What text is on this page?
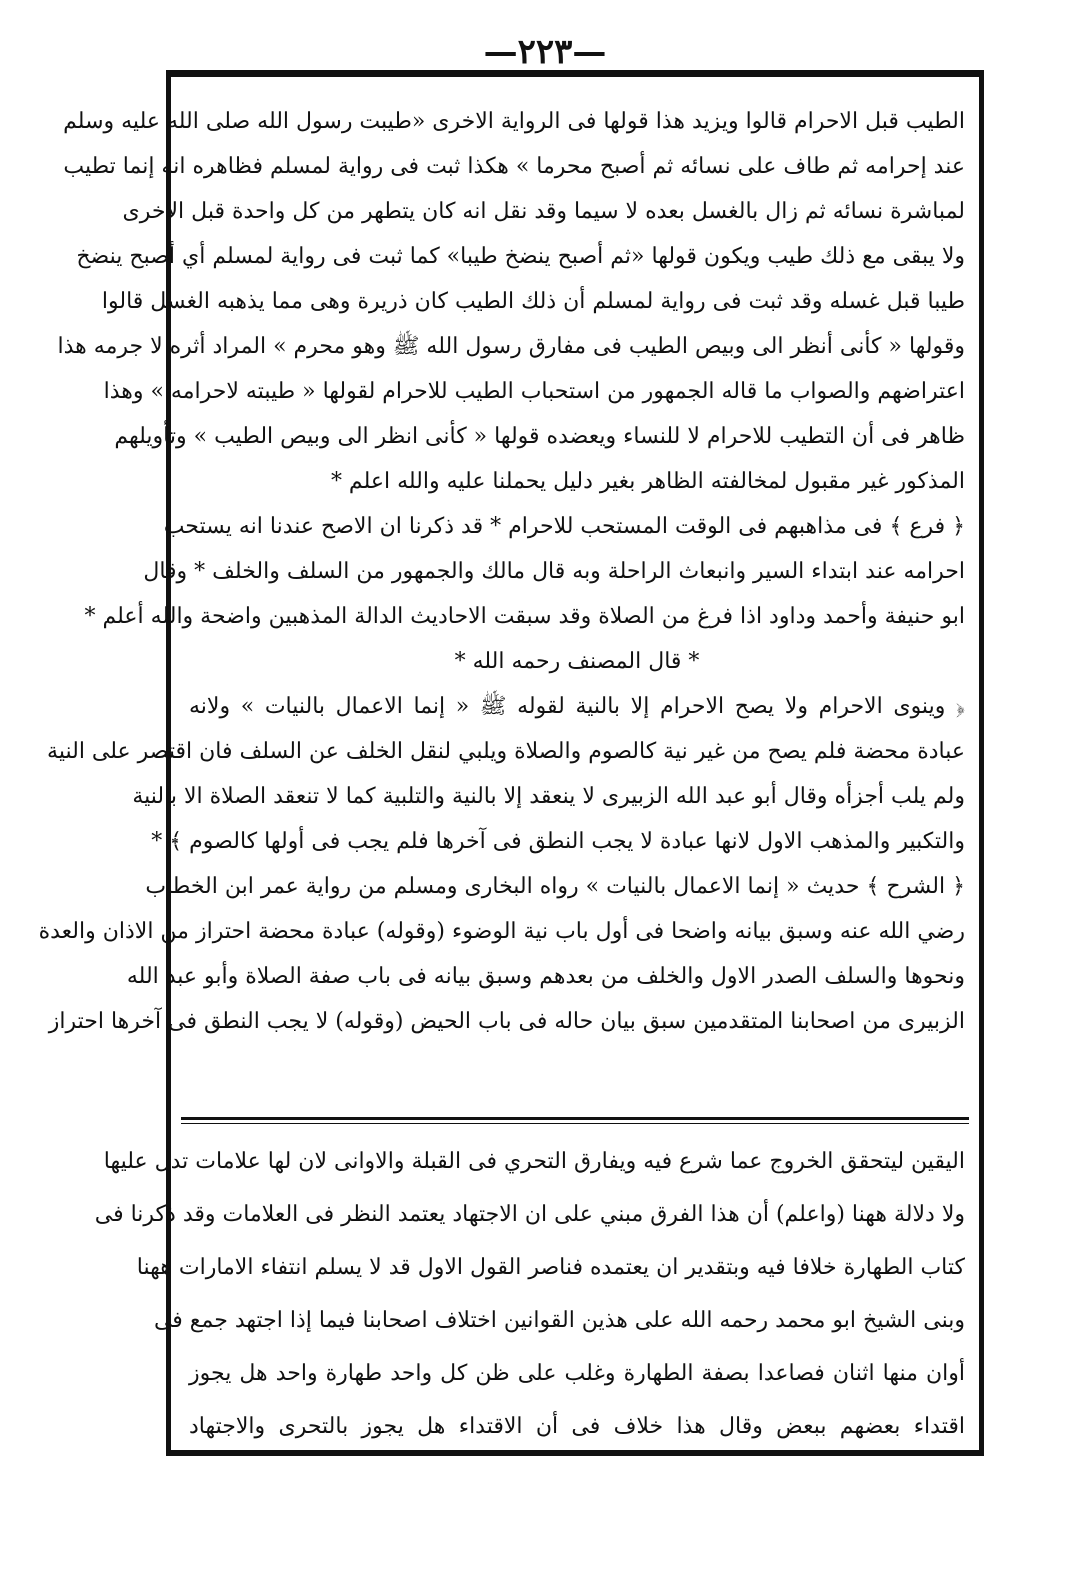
—٢٢٣—
الطيب قبل الاحرام قالوا ويزيد هذا قولها فى الرواية الاخرى «طيبت رسول الله صلى الله عليه وسلم
عند إحرامه ثم طاف على نسائه ثم أصبح محرما » هكذا ثبت فى رواية لمسلم فظاهره انه إنما تطيب
لمباشرة نسائه ثم زال بالغسل بعده لا سيما وقد نقل انه كان يتطهر من كل واحدة قبل الاخرى
ولا يبقى مع ذلك طيب ويكون قولها «ثم أصبح ينضخ طيبا» كما ثبت فى رواية لمسلم أي أصبح ينضخ
طيبا قبل غسله وقد ثبت فى رواية لمسلم أن ذلك الطيب كان ذريرة وهى مما يذهبه الغسل قالوا
وقولها « كأنى أنظر الى وبيص الطيب فى مفارق رسول الله ﷺ وهو محرم » المراد أثره لا جرمه هذا
اعتراضهم والصواب ما قاله الجمهور من استحباب الطيب للاحرام لقولها « طيبته لاحرامه » وهذا
ظاهر فى أن التطيب للاحرام لا للنساء ويعضده قولها « كأنى انظر الى وبيص الطيب » وتأويلهم
المذكور غير مقبول لمخالفته الظاهر بغير دليل يحملنا عليه والله اعلم *
﴿ فرع ﴾ فى مذاهبهم فى الوقت المستحب للاحرام * قد ذكرنا ان الاصح عندنا انه يستحب
احرامه عند ابتداء السير وانبعاث الراحلة وبه قال مالك والجمهور من السلف والخلف * وقال
ابو حنيفة وأحمد وداود اذا فرغ من الصلاة وقد سبقت الاحاديث الدالة المذهبين واضحة والله أعلم *
* قال المصنف رحمه الله *
﴿ وينوى الاحرام ولا يصح الاحرام إلا بالنية لقوله ﷺ « إنما الاعمال بالنيات » ولانه
عبادة محضة فلم يصح من غير نية كالصوم والصلاة ويلبي لنقل الخلف عن السلف فان اقتصر على النية
ولم يلب أجزأه وقال أبو عبد الله الزبيرى لا ينعقد إلا بالنية والتلبية كما لا تنعقد الصلاة الا بالنية
والتكبير والمذهب الاول لانها عبادة لا يجب النطق فى آخرها فلم يجب فى أولها كالصوم ﴾ *
﴿ الشرح ﴾ حديث « إنما الاعمال بالنيات » رواه البخارى ومسلم من رواية عمر ابن الخطاب
رضي الله عنه وسبق بيانه واضحا فى أول باب نية الوضوء (وقوله) عبادة محضة احتراز من الاذان والعدة
ونحوها والسلف الصدر الاول والخلف من بعدهم وسبق بيانه فى باب صفة الصلاة وأبو عبد الله
الزبيرى من اصحابنا المتقدمين سبق بيان حاله فى باب الحيض (وقوله) لا يجب النطق فى آخرها احتراز
اليقين ليتحقق الخروج عما شرع فيه ويفارق التحري فى القبلة والاوانى لان لها علامات تدل عليها
ولا دلالة ههنا (واعلم) أن هذا الفرق مبني على ان الاجتهاد يعتمد النظر فى العلامات وقد ذكرنا فى
كتاب الطهارة خلافا فيه وبتقدير ان يعتمده فناصر القول الاول قد لا يسلم انتفاء الامارات ههنا
وبنى الشيخ ابو محمد رحمه الله على هذين القوانين اختلاف اصحابنا فيما إذا اجتهد جمع فى
أوان منها اثنان فصاعدا بصفة الطهارة وغلب على ظن كل واحد طهارة واحد هل يجوز
اقتداء بعضهم ببعض وقال هذا خلاف فى أن الاقتداء هل يجوز بالتحرى والاجتهاد
